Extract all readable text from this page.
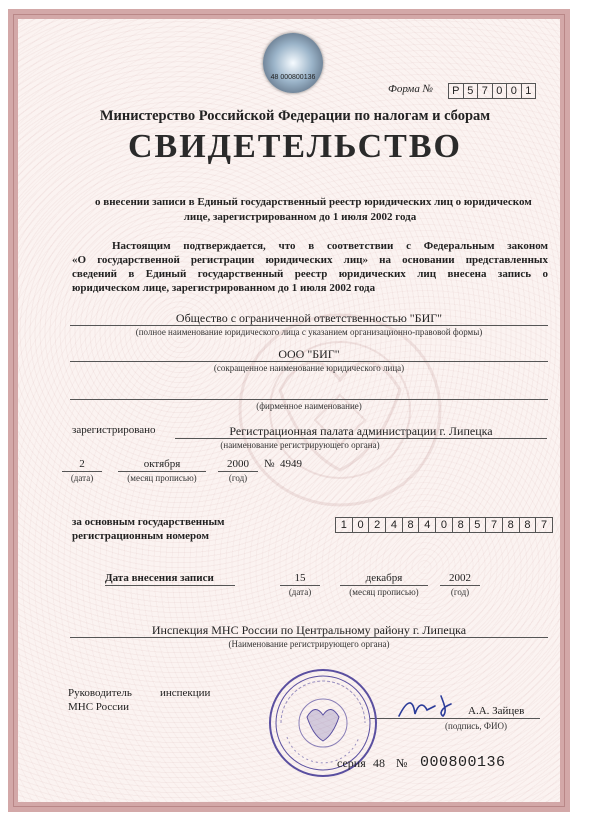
48 000800136
Форма № Р 5 7 0 0 1
Министерство Российской Федерации по налогам и сборам
СВИДЕТЕЛЬСТВО
о внесении записи в Единый государственный реестр юридических лиц о юридическом
лице, зарегистрированном до 1 июля 2002 года
Настоящим подтверждается, что в соответствии с Федеральным законом
«О государственной регистрации юридических лиц» на основании представленных
сведений в Единый государственный реестр юридических лиц внесена запись о
юридическом лице, зарегистрированном до 1 июля 2002 года
Общество с ограниченной ответственностью "БИГ"
(полное наименование юридического лица с указанием организационно-правовой формы)
ООО "БИГ"
(сокращенное наименование юридического лица)
(фирменное наименование)
зарегистрировано	Регистрационная палата администрации г. Липецка
(наименование регистрирующего органа)
2
(дата)
октября
(месяц прописью)
2000
(год)
№ 4949
за основным государственным
регистрационным номером
1 0 2 4 8 4 0 8 5 7 8 8 7
Дата внесения записи	15
(дата)
декабря
(месяц прописью)
2002
(год)
Инспекция МНС России по Центральному району г. Липецка
(Наименование регистрирующего органа)
Руководитель	инспекции
МНС России	А.А. Зайцев
(подпись, ФИО)
серия 48 № 000800136
